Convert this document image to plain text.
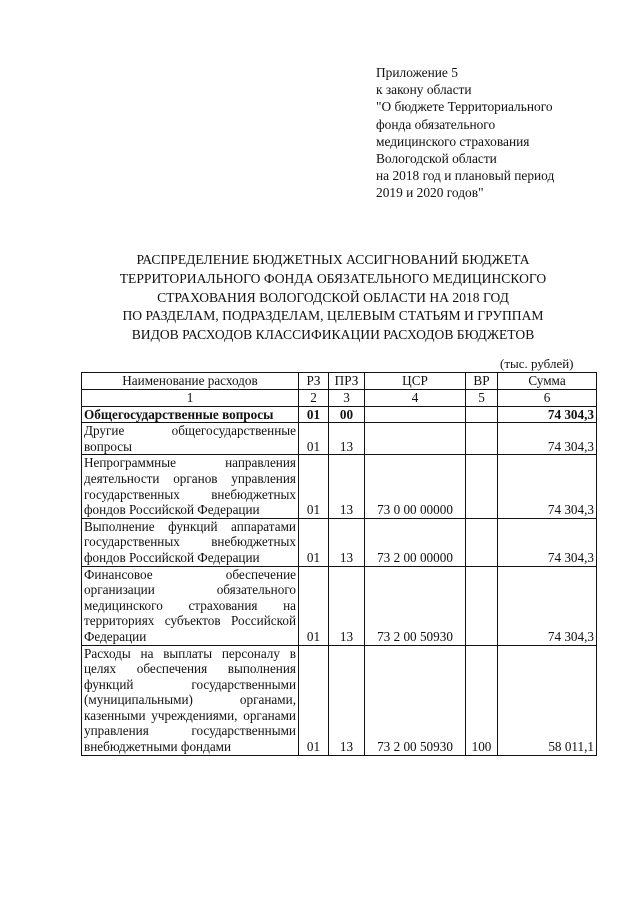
Приложение 5
к закону области
"О бюджете Территориального
фонда обязательного
медицинского страхования
Вологодской области
на 2018 год и плановый период
2019 и 2020 годов"
РАСПРЕДЕЛЕНИЕ БЮДЖЕТНЫХ АССИГНОВАНИЙ БЮДЖЕТА
ТЕРРИТОРИАЛЬНОГО ФОНДА ОБЯЗАТЕЛЬНОГО МЕДИЦИНСКОГО
СТРАХОВАНИЯ ВОЛОГОДСКОЙ ОБЛАСТИ НА 2018 ГОД
ПО РАЗДЕЛАМ, ПОДРАЗДЕЛАМ, ЦЕЛЕВЫМ СТАТЬЯМ И ГРУППАМ
ВИДОВ РАСХОДОВ КЛАССИФИКАЦИИ РАСХОДОВ БЮДЖЕТОВ
(тыс. рублей)
Наименование расходов	РЗ	ПРЗ	ЦСР	ВР	Сумма
1	2	3	4	5	6
Общегосударственные вопросы	01	00			74 304,3
Другие общегосударственные вопросы	01	13			74 304,3
Непрограммные направления деятельности органов управления государственных внебюджетных фондов Российской Федерации	01	13	73 0 00 00000		74 304,3
Выполнение функций аппаратами государственных внебюджетных фондов Российской Федерации	01	13	73 2 00 00000		74 304,3
Финансовое обеспечение организации обязательного медицинского страхования на территориях субъектов Российской Федерации	01	13	73 2 00 50930		74 304,3
Расходы на выплаты персоналу в целях обеспечения выполнения функций государственными (муниципальными) органами, казенными учреждениями, органами управления государственными внебюджетными фондами	01	13	73 2 00 50930	100	58 011,1
